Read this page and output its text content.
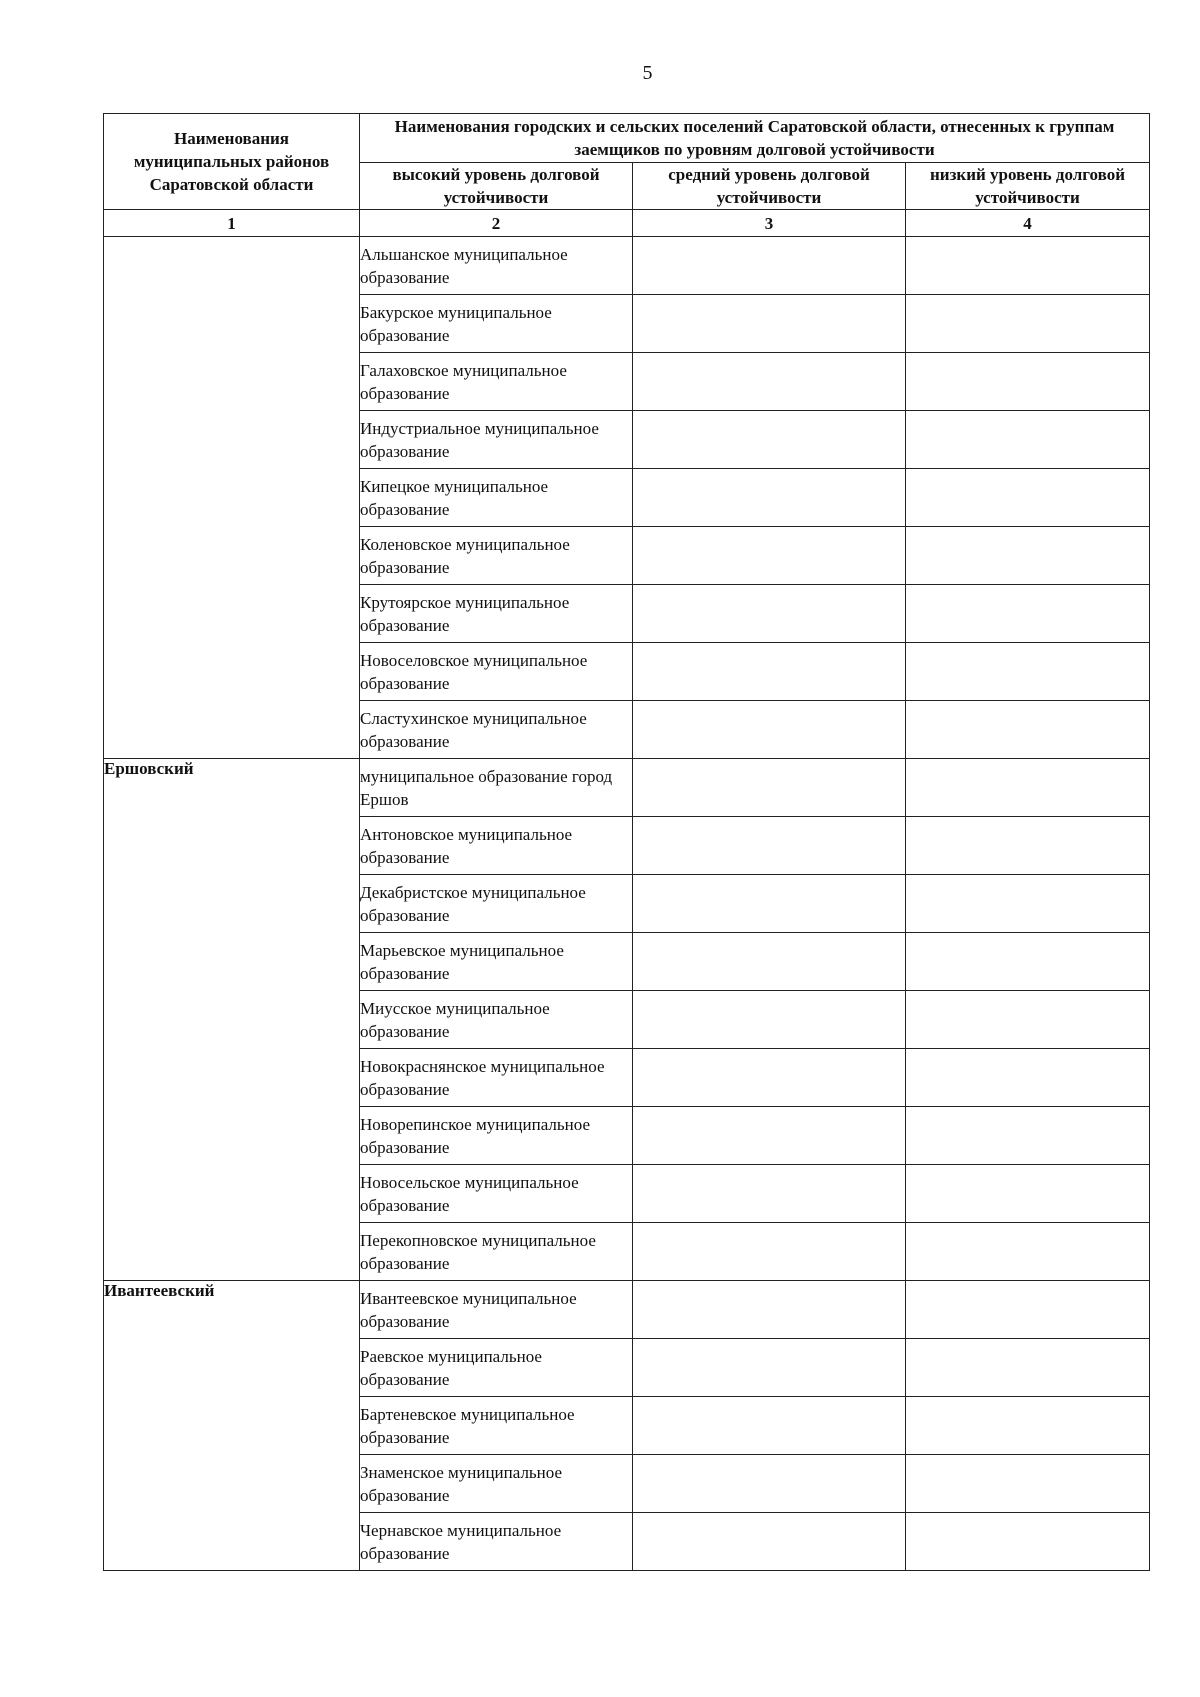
5
Наименования муниципальных районов Саратовской области	Наименования городских и сельских поселений Саратовской области, отнесенных к группам заемщиков по уровням долговой устойчивости		
	высокий уровень долговой устойчивости	средний уровень долговой устойчивости	низкий уровень долговой устойчивости
1	2	3	4
	Альшанское муниципальное образование		
	Бакурское муниципальное образование		
	Галаховское муниципальное образование		
	Индустриальное муниципальное образование		
	Кипецкое муниципальное образование		
	Коленовское муниципальное образование		
	Крутоярское муниципальное образование		
	Новоселовское муниципальное образование		
	Сластухинское муниципальное образование		
Ершовский	муниципальное образование город Ершов		
	Антоновское муниципальное образование		
	Декабристское муниципальное образование		
	Марьевское муниципальное образование		
	Миусское муниципальное образование		
	Новокраснянское муниципальное образование		
	Новорепинское муниципальное образование		
	Новосельское муниципальное образование		
	Перекопновское муниципальное образование		
Ивантеевский	Ивантеевское муниципальное образование		
	Раевское муниципальное образование		
	Бартеневское муниципальное образование		
	Знаменское муниципальное образование		
	Чернавское муниципальное образование		
